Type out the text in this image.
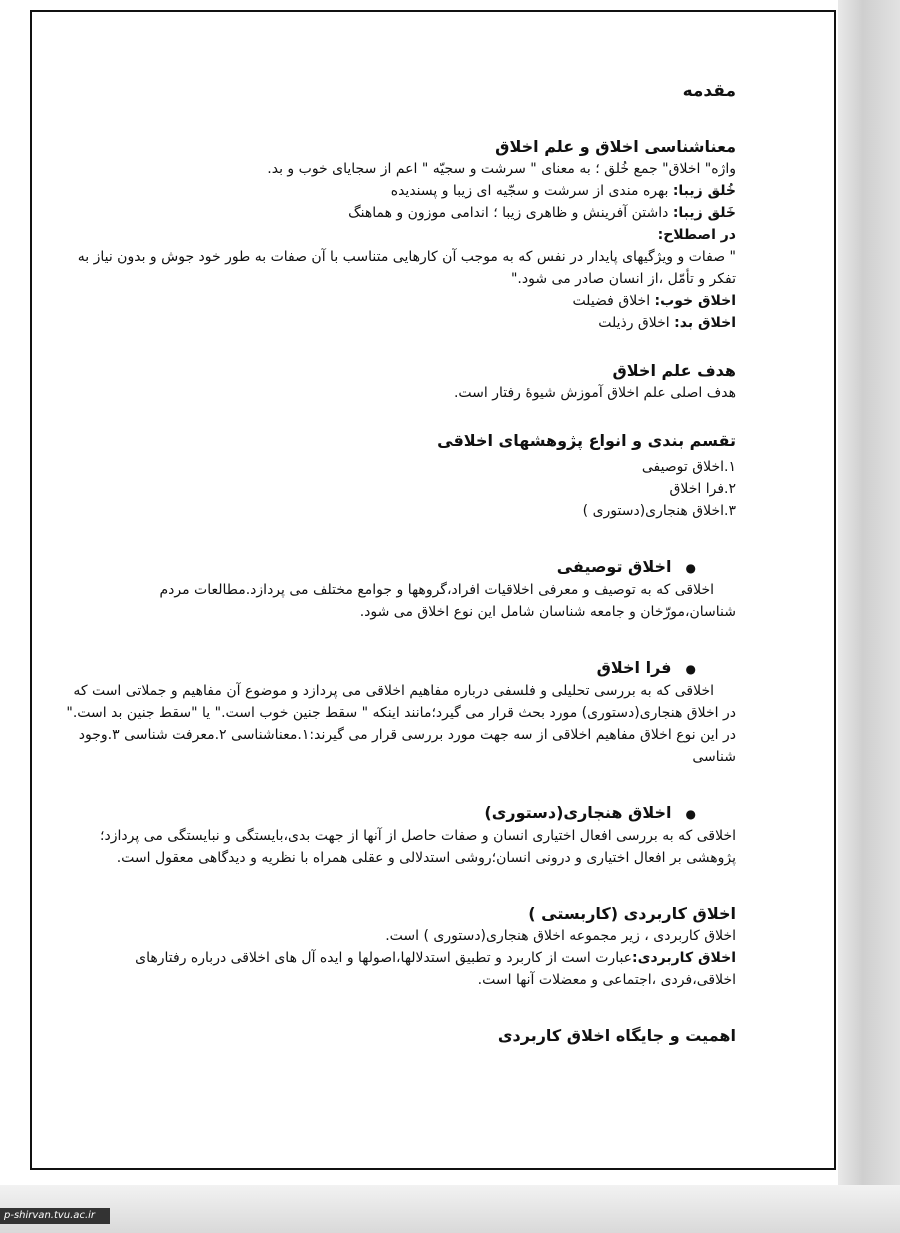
مقدمه
معناشناسی اخلاق و علم اخلاق
واژه" اخلاق" جمع خُلق ؛ به معنای " سرشت و سجیّه " اعم از سجایای خوب و بد.
خُلق زیبا: بهره مندی از سرشت و سجّیه ای زیبا و پسندیده
خَلق زیبا: داشتن آفرینش و ظاهری زیبا ؛ اندامی موزون و هماهنگ
در اصطلاح:
" صفات و ویژگیهای پایدار در نفس که به موجب آن کارهایی متناسب با آن صفات به طور خود جوش و بدون نیاز به تفکر و تأمّل ،از انسان صادر می شود."
اخلاق خوب: اخلاق فضیلت
اخلاق بد: اخلاق رذیلت
هدف علم اخلاق
هدف اصلی علم اخلاق آموزش شیوهٔ رفتار است.
تقسم بندی و انواع پژوهشهای اخلاقی
۱.اخلاق توصیفی
۲.فرا اخلاق
۳.اخلاق هنجاری(دستوری )
●اخلاق توصیفی
اخلاقی که به توصیف و معرفی اخلاقیات افراد،گروهها و جوامع مختلف می پردازد.مطالعات مردم شناسان،مورّخان و جامعه شناسان شامل این نوع اخلاق می شود.
●فرا اخلاق
اخلاقی که به بررسی تحلیلی و فلسفی درباره مفاهیم اخلاقی می پردازد و موضوع آن مفاهیم و جملاتی است که در اخلاق هنجاری(دستوری) مورد بحث قرار می گیرد؛مانند اینکه " سقط جنین خوب است." یا "سقط جنین بد است." در این نوع اخلاق مفاهیم اخلاقی از سه جهت مورد بررسی قرار می گیرند:۱.معناشناسی ۲.معرفت شناسی ۳.وجود شناسی
●اخلاق هنجاری(دستوری)
اخلاقی که به بررسی افعال اختیاری انسان و صفات حاصل از آنها از جهت بدی،بایستگی و نبایستگی می پردازد؛پژوهشی بر افعال اختیاری و درونی انسان؛روشی استدلالی و عقلی همراه با نظریه و دیدگاهی معقول است.
اخلاق کاربردی (کاربستی )
اخلاق کاربردی ، زیر مجموعه اخلاق هنجاری(دستوری ) است.
اخلاق کاربردی:عبارت است از کاربرد و تطبیق استدلالها،اصولها و ایده آل های اخلاقی درباره رفتارهای اخلاقی،فردی ،اجتماعی و معضلات آنها است.
اهمیت و جایگاه اخلاق کاربردی
p-shirvan.tvu.ac.ir
